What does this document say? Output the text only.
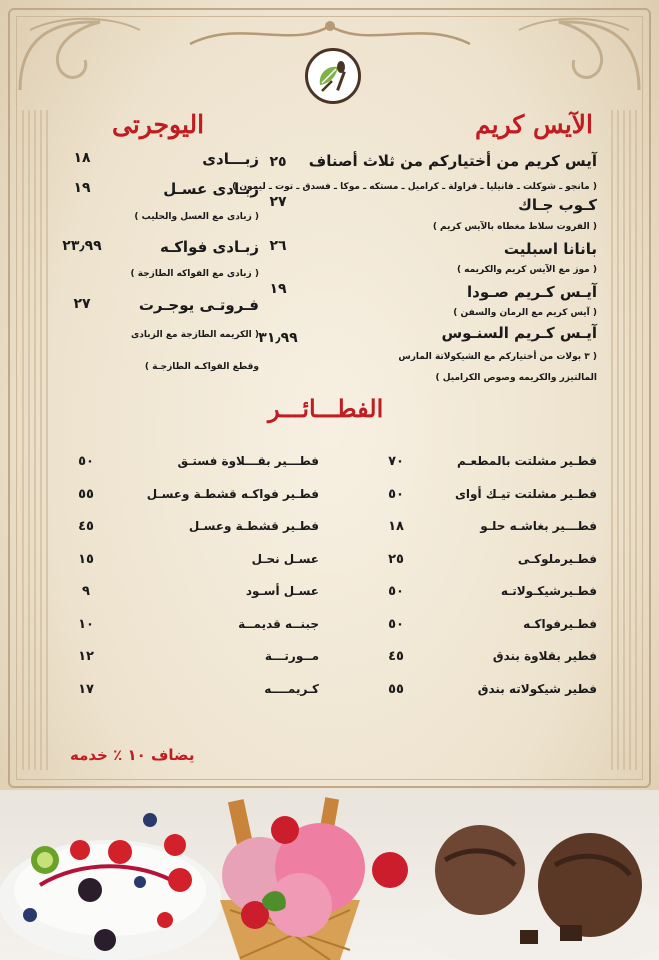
الآيس كريم
آيس كريم من أختياركم من ثلاث أصناف
( مانجو ـ شوكلت ـ فانيليا ـ فراولة ـ كراميل ـ مستكه ـ موكا ـ فسدق ـ توت ـ ليمون )
٢٥
كـوب جـاك
( الفروت سلاط مغطاه بالآيس كريم )
٢٧
بانانا اسبليت
( موز مع الآيس كريم والكريمه )
٢٦
آيـس كـريم صـودا
( آيس كريم مع الرمان والسفن )
١٩
آيـس كـريم السنـوس
( ٣ بولات من أختياركم مع الشيكولاتة المارس
المالتيزر والكريمه وصوص الكراميل )
٣١٫٩٩
اليوجرتى
زبـــادى
١٨
زبـادى عسـل
( زبادى مع العسل والحليب )
١٩
زبـادى فواكـه
( زبادى مع الفواكه الطازجة )
٢٣٫٩٩
فـروتـى يوجـرت
( الكريمه الطازجة مع الزبادى
وقطع الفواكـه الطازجـة )
٢٧
الفطـــائـــر
فطـير مشلتت بالمطعـم
٧٠
فطـير مشلتت تيـك أواى
٥٠
فطـــير بغاشـه حلـو
١٨
فطـيرملوكـى
٢٥
فطـيرشيكـولاتـه
٥٠
فطـيرفواكـه
٥٠
فطير بقلاوة بندق
٤٥
فطير شيكولاته بندق
٥٥
فطـــير بقـــلاوة فستـق
٥٠
فطـير فواكـه قشطـة وعسـل
٥٥
فطـير قشطـة وعسـل
٤٥
عسـل نحـل
١٥
عسـل أسـود
٩
جبنــه قديمــة
١٠
مــورتـــة
١٢
كـريمــــه
١٧
يضاف ١٠ ٪ خدمه
